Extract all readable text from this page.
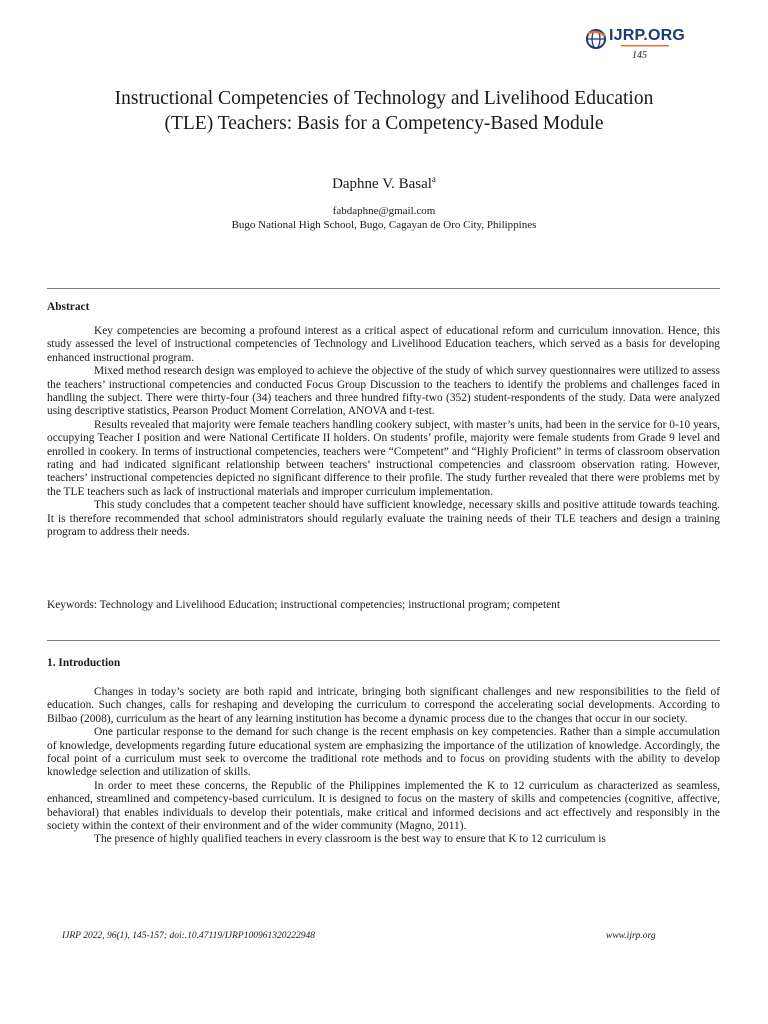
IJRP.ORG
145
Instructional Competencies of Technology and Livelihood Education
(TLE) Teachers: Basis for a Competency-Based Module
Daphne V. Basal$^a$
fabdaphne@gmail.com
Bugo National High School, Bugo, Cagayan de Oro City, Philippines
Abstract

Key competencies are becoming a profound interest as a critical aspect of educational reform and curriculum innovation. Hence, this study assessed the level of instructional competencies of Technology and Livelihood Education teachers, which served as a basis for developing enhanced instructional program.

Mixed method research design was employed to achieve the objective of the study of which survey questionnaires were utilized to assess the teachers’ instructional competencies and conducted Focus Group Discussion to the teachers to identify the problems and challenges faced in handling the subject. There were thirty-four (34) teachers and three hundred fifty-two (352) student-respondents of the study. Data were analyzed using descriptive statistics, Pearson Product Moment Correlation, ANOVA and t-test.

Results revealed that majority were female teachers handling cookery subject, with master’s units, had been in the service for 0-10 years, occupying Teacher I position and were National Certificate II holders. On students’ profile, majority were female students from Grade 9 level and enrolled in cookery. In terms of instructional competencies, teachers were “Competent” and “Highly Proficient” in terms of classroom observation rating and had indicated significant relationship between teachers’ instructional competencies and classroom observation rating. However, teachers’ instructional competencies depicted no significant difference to their profile. The study further revealed that there were problems met by the TLE teachers such as lack of instructional materials and improper curriculum implementation.

This study concludes that a competent teacher should have sufficient knowledge, necessary skills and positive attitude towards teaching. It is therefore recommended that school administrators should regularly evaluate the training needs of their TLE teachers and design a training program to address their needs.

Keywords: Technology and Livelihood Education; instructional competencies; instructional program; competent
1. Introduction

Changes in today’s society are both rapid and intricate, bringing both significant challenges and new responsibilities to the field of education. Such changes, calls for reshaping and developing the curriculum to correspond the accelerating social developments. According to Bilbao (2008), curriculum as the heart of any learning institution has become a dynamic process due to the changes that occur in our society.

One particular response to the demand for such change is the recent emphasis on key competencies. Rather than a simple accumulation of knowledge, developments regarding future educational system are emphasizing the importance of the utilization of knowledge. Accordingly, the focal point of a curriculum must seek to overcome the traditional rote methods and to focus on providing students with the ability to develop knowledge selection and utilization of skills.

In order to meet these concerns, the Republic of the Philippines implemented the K to 12 curriculum as characterized as seamless, enhanced, streamlined and competency-based curriculum. It is designed to focus on the mastery of skills and competencies (cognitive, affective, behavioral) that enables individuals to develop their potentials, make critical and informed decisions and act effectively and responsibly in the society within the context of their environment and of the wider community (Magno, 2011).

The presence of highly qualified teachers in every classroom is the best way to ensure that K to 12 curriculum is

IJRP 2022, 96(1), 145-157; doi:.10.47119/IJRP100961320222948	www.ijrp.org
